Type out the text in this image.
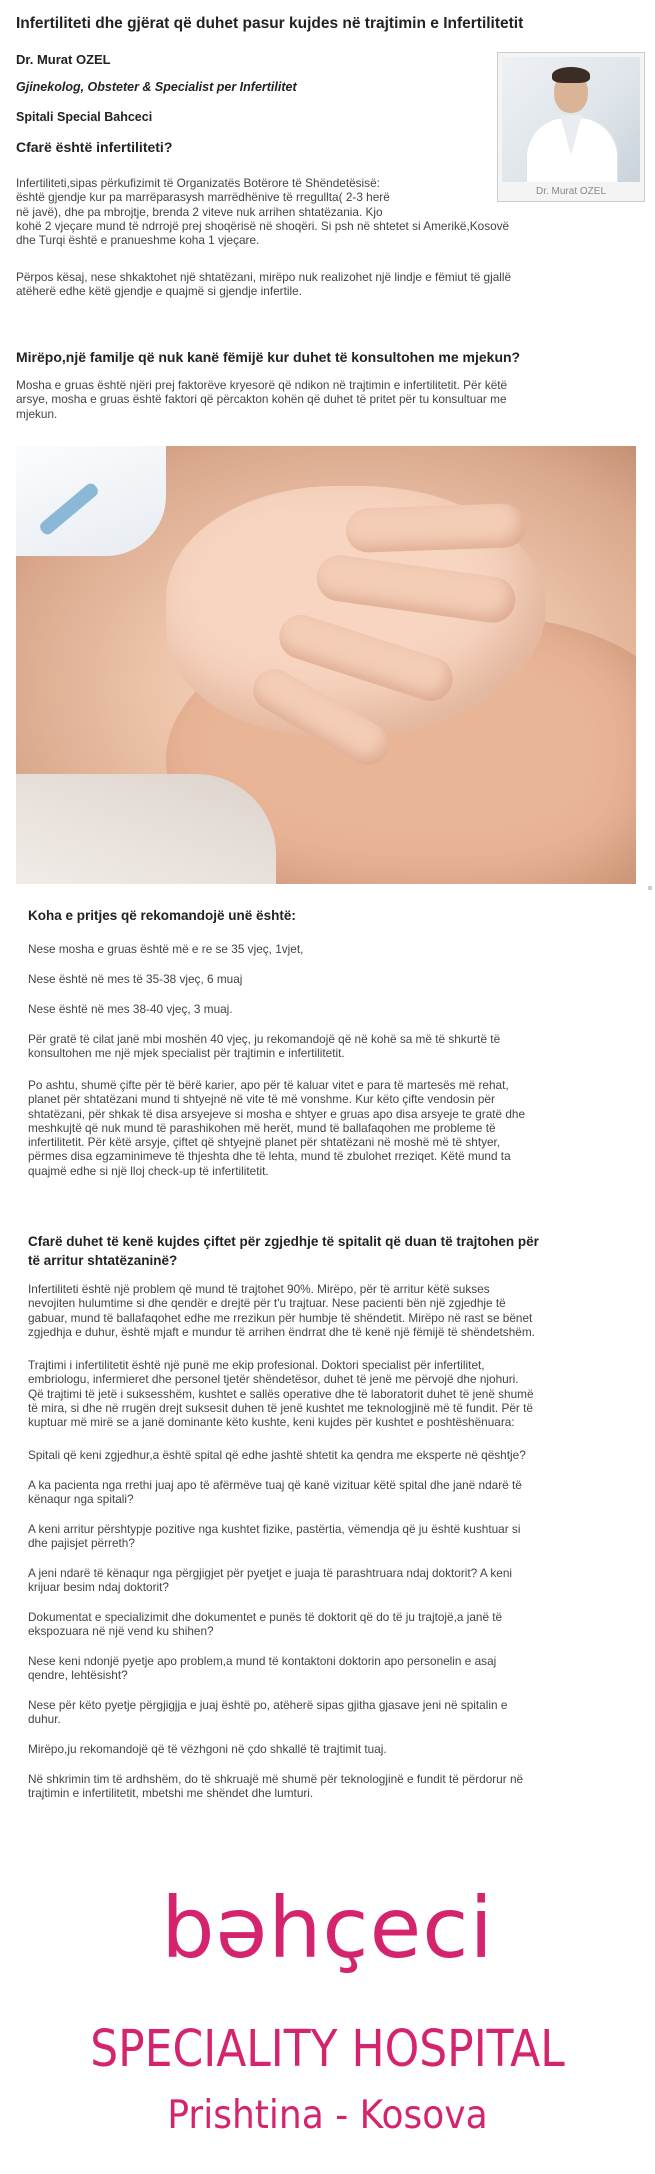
Infertiliteti dhe gjërat që duhet pasur kujdes në trajtimin e Infertilitetit
Dr. Murat OZEL
Gjinekolog, Obsteter & Specialist per Infertilitet
Spitali Special Bahceci
Dr. Murat OZEL
Cfarë është infertiliteti?
Infertiliteti,sipas përkufizimit të Organizatës Botërore të Shëndetësisë:
është gjendje kur pa marrëparasysh marrëdhënive të rregullta( 2-3 herë
në javë), dhe pa mbrojtje, brenda 2 viteve nuk arrihen shtatëzania. Kjo
kohë 2 vjeçare mund të ndrrojë prej shoqërisë në shoqëri. Si psh në shtetet si Amerikë,Kosovë
dhe Turqi është e pranueshme koha 1 vjeçare.
Përpos kësaj, nese shkaktohet një shtatëzani, mirëpo nuk realizohet një lindje e fëmiut të gjallë
atëherë edhe këtë gjendje e quajmë si gjendje infertile.
Mirëpo,një familje që nuk kanë fëmijë kur duhet të konsultohen me mjekun?
Mosha e gruas është njëri prej faktorëve kryesorë që ndikon në trajtimin e infertilitetit. Për këtë
arsye, mosha e gruas është faktori që përcakton kohën që duhet të pritet për tu konsultuar me
mjekun.
Koha e pritjes që rekomandojë unë është:
Nese mosha e gruas është më e re se 35 vjeç, 1vjet,
Nese është në mes të 35-38 vjeç, 6 muaj
Nese është në mes 38-40 vjeç, 3 muaj.
Për gratë të cilat janë mbi moshën 40 vjeç, ju rekomandojë që në kohë sa më të shkurtë të
konsultohen me një mjek specialist për trajtimin e infertilitetit.
Po ashtu, shumë çifte për të bërë karier, apo për të kaluar vitet e para të martesës më rehat,
planet për shtatëzani mund ti shtyejnë në vite të më vonshme. Kur këto çifte vendosin për
shtatëzani, për shkak të disa arsyejeve si mosha e shtyer e gruas apo disa arsyeje te gratë dhe
meshkujtë që nuk mund të parashikohen më herët, mund të ballafaqohen me probleme të
infertilitetit. Për këtë arsyje, çiftet që shtyejnë planet për shtatëzani në moshë më të shtyer,
përmes disa egzaminimeve të thjeshta dhe të lehta, mund të zbulohet rreziqet. Këtë mund ta
quajmë edhe si një lloj check-up të infertilitetit.
Cfarë duhet të kenë kujdes çiftet për zgjedhje të spitalit që duan të trajtohen për
të arritur shtatëzaninë?
Infertiliteti është një problem që mund të trajtohet 90%. Mirëpo, për të arritur këtë sukses
nevojiten hulumtime si dhe qendër e drejtë për t'u trajtuar. Nese pacienti bën një zgjedhje të
gabuar, mund të ballafaqohet edhe me rrezikun për humbje të shëndetit. Mirëpo në rast se bënet
zgjedhja e duhur, është mjaft e mundur të arrihen ëndrrat dhe të kenë një fëmijë të shëndetshëm.
Trajtimi i infertilitetit është një punë me ekip profesional. Doktori specialist për infertilitet,
embriologu, infermieret dhe personel tjetër shëndetësor, duhet të jenë me përvojë dhe njohuri.
Që trajtimi të jetë i suksesshëm, kushtet e sallës operative dhe të laboratorit duhet të jenë shumë
të mira, si dhe në rrugën drejt suksesit duhen të jenë kushtet me teknologjinë më të fundit. Për të
kuptuar më mirë se a janë dominante këto kushte, keni kujdes për kushtet e poshtëshënuara:
Spitali që keni zgjedhur,a është spital që edhe jashtë shtetit ka qendra me eksperte në qështje?
A ka pacienta nga rrethi juaj apo të afërmëve tuaj që kanë vizituar këtë spital dhe janë ndarë të
kënaqur nga spitali?
A keni arritur përshtypje pozitive nga kushtet fizike, pastërtia, vëmendja që ju është kushtuar si
dhe pajisjet përreth?
A jeni ndarë të kënaqur nga përgjigjet për pyetjet e juaja të parashtruara ndaj doktorit? A keni
krijuar besim ndaj doktorit?
Dokumentat e specializimit dhe dokumentet e punës të doktorit që do të ju trajtojë,a janë të
ekspozuara në një vend ku shihen?
Nese keni ndonjë pyetje apo problem,a mund të kontaktoni doktorin apo personelin e asaj
qendre, lehtësisht?
Nese për këto pyetje përgjigjja e juaj është po, atëherë sipas gjitha gjasave jeni në spitalin e
duhur.
Mirëpo,ju rekomandojë që të vëzhgoni në çdo shkallë të trajtimit tuaj.
Në shkrimin tim të ardhshëm, do të shkruajë më shumë për teknologjinë e fundit të përdorur në
trajtimin e infertilitetit, mbetshi me shëndet dhe lumturi.
bəhçeci
SPECIALITY HOSPITAL
Prishtina - Kosova
